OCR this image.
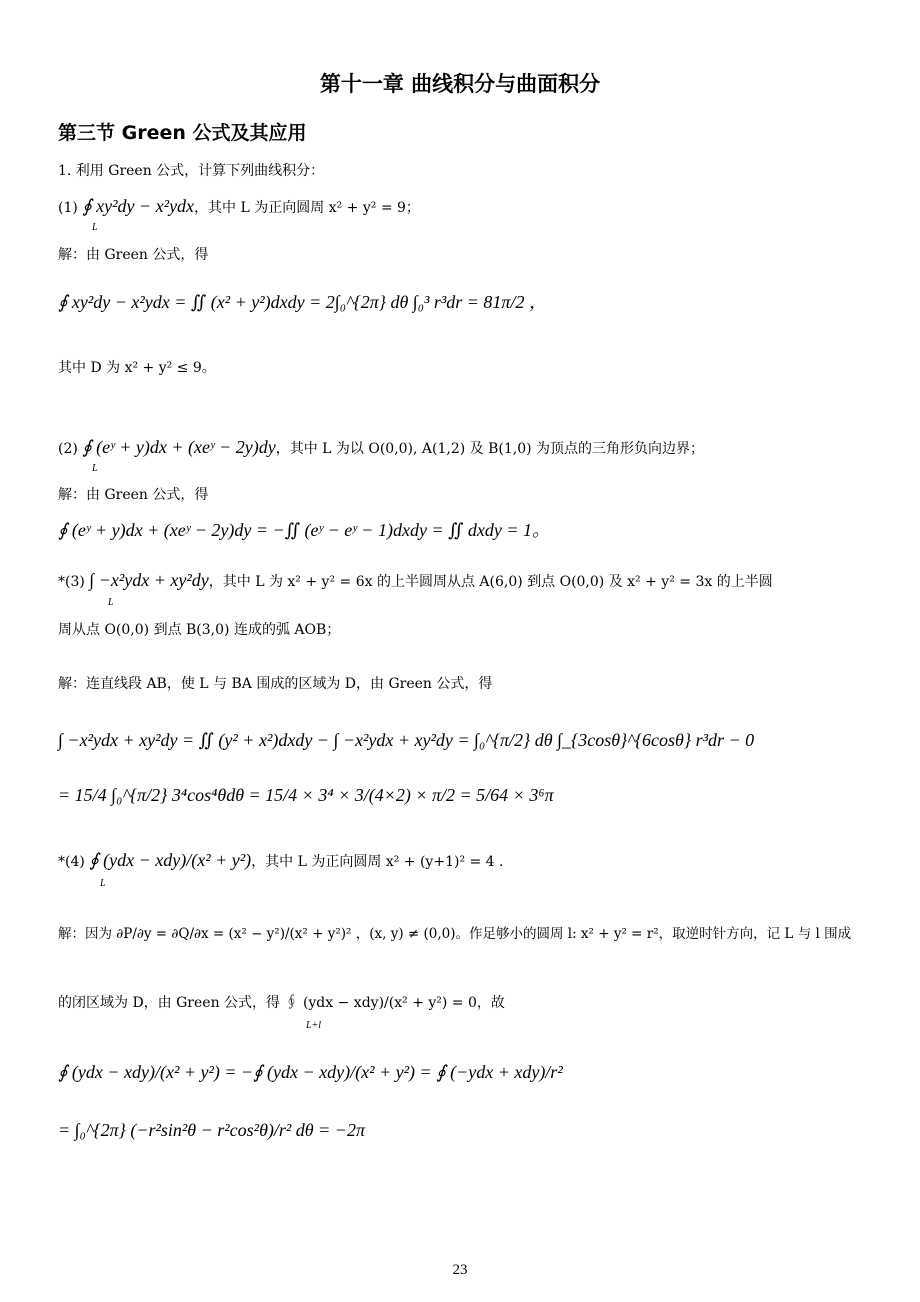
第十一章 曲线积分与曲面积分
第三节 Green 公式及其应用
1. 利用 Green 公式，计算下列曲线积分：
(1) ∮ xy²dy − x²ydx，其中 L 为正向圆周 x² + y² = 9；
L
解：由 Green 公式，得
∮ xy²dy − x²ydx = ∬ (x² + y²)dxdy = 2∫₀^{2π} dθ ∫₀³ r³dr = 81π/2 ，
其中 D 为 x² + y² ≤ 9。
(2) ∮ (eʸ + y)dx + (xeʸ − 2y)dy，其中 L 为以 O(0,0), A(1,2) 及 B(1,0) 为顶点的三角形负向边界；
L
解：由 Green 公式，得
∮ (eʸ + y)dx + (xeʸ − 2y)dy = −∬ (eʸ − eʸ − 1)dxdy = ∬ dxdy = 1。
*(3) ∫ −x²ydx + xy²dy，其中 L 为 x² + y² = 6x 的上半圆周从点 A(6,0) 到点 O(0,0) 及 x² + y² = 3x 的上半圆
L
周从点 O(0,0) 到点 B(3,0) 连成的弧 AOB；
解：连直线段 AB，使 L 与 BA 围成的区域为 D，由 Green 公式，得
∫ −x²ydx + xy²dy = ∬ (y² + x²)dxdy − ∫ −x²ydx + xy²dy = ∫₀^{π/2} dθ ∫_{3cosθ}^{6cosθ} r³dr − 0
= 15/4 ∫₀^{π/2} 3⁴cos⁴θdθ = 15/4 × 3⁴ × 3/(4×2) × π/2 = 5/64 × 3⁶π
*(4) ∮ (ydx − xdy)/(x² + y²)，其中 L 为正向圆周 x² + (y+1)² = 4 .
L
解：因为 ∂P/∂y = ∂Q/∂x = (x² − y²)/(x² + y²)² ，(x, y) ≠ (0,0)。作足够小的圆周 l: x² + y² = r²，取逆时针方向，记 L 与 l 围成
的闭区域为 D，由 Green 公式，得 ∮ (ydx − xdy)/(x² + y²) = 0，故
L+l
∮ (ydx − xdy)/(x² + y²) = −∮ (ydx − xdy)/(x² + y²) = ∮ (−ydx + xdy)/r²
= ∫₀^{2π} (−r²sin²θ − r²cos²θ)/r² dθ = −2π
23
